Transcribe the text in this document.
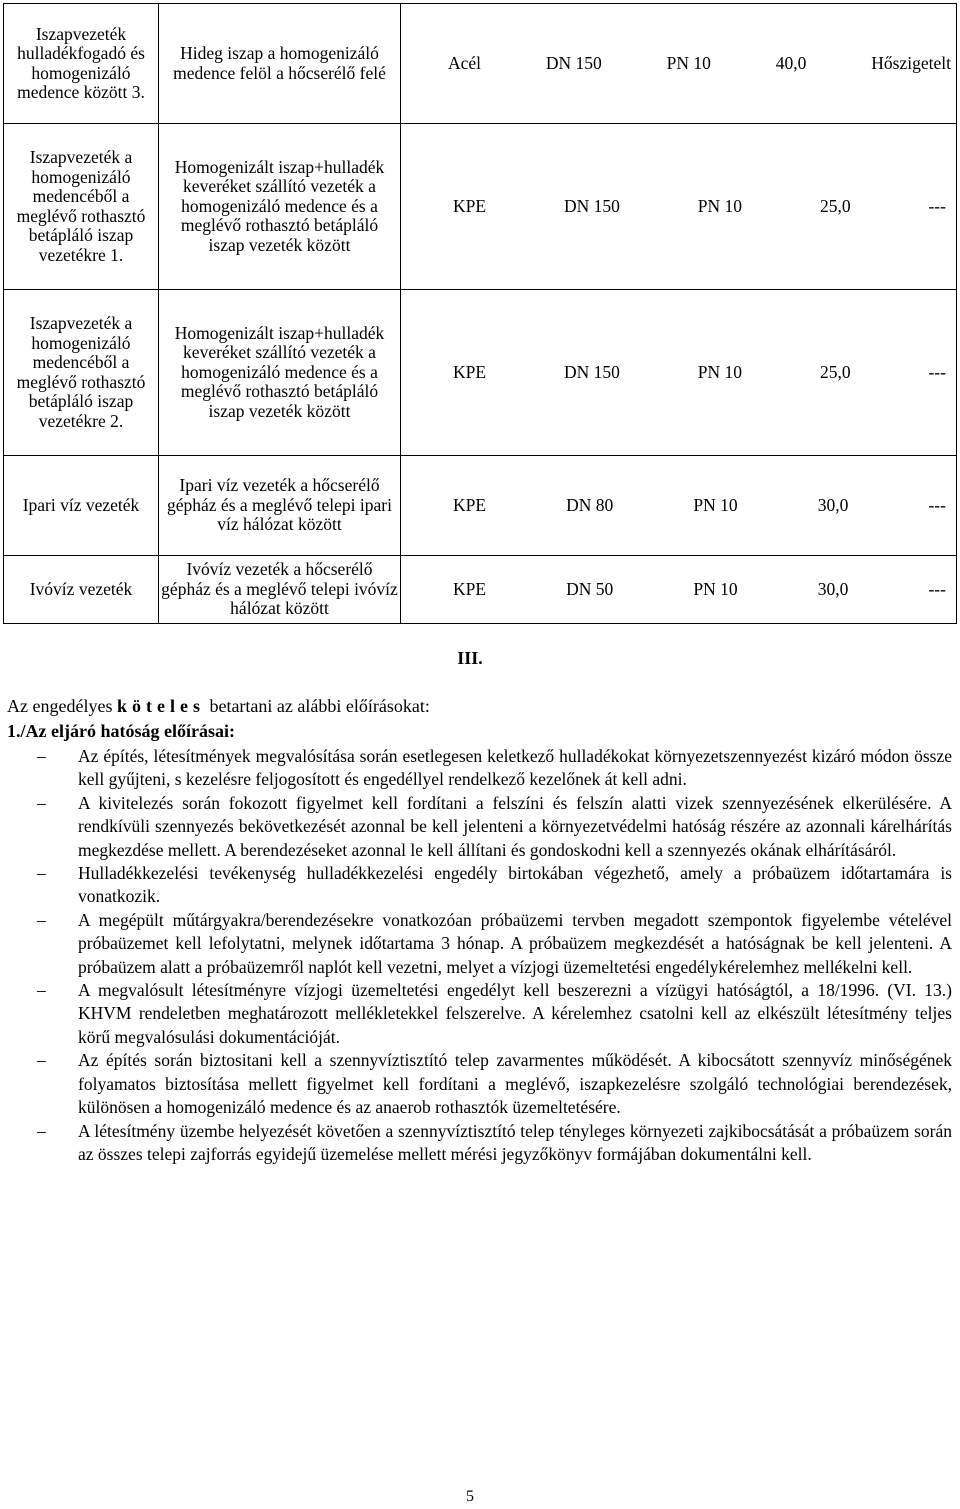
Iszapvezeték hulladékfogadó és homogenizáló medence között 3.	Hideg iszap a homogenizáló medence felöl a hőcserélő felé	Acél DN 150 PN 10 40,0 Hőszigetelt

Iszapvezeték a homogenizáló medencéből a meglévő rothasztó betápláló iszap vezetékre 1.	Homogenizált iszap+hulladék keveréket szállító vezeték a homogenizáló medence és a meglévő rothasztó betápláló iszap vezeték között	KPE DN 150 PN 10 25,0 ---

Iszapvezeték a homogenizáló medencéből a meglévő rothasztó betápláló iszap vezetékre 2.	Homogenizált iszap+hulladék keveréket szállító vezeték a homogenizáló medence és a meglévő rothasztó betápláló iszap vezeték között	KPE DN 150 PN 10 25,0 ---

Ipari víz vezeték	Ipari víz vezeték a hőcserélő gépház és a meglévő telepi ipari víz hálózat között	KPE DN 80 PN 10 30,0 ---

Ivóvíz vezeték	Ivóvíz vezeték a hőcserélő gépház és a meglévő telepi ivóvíz hálózat között	KPE DN 50 PN 10 30,0 ---
III.
Az engedélyes köteles betartani az alábbi előírásokat:
1./Az eljáró hatóság előírásai:
– Az építés, létesítmények megvalósítása során esetlegesen keletkező hulladékokat környezetszennyezést kizáró módon össze kell gyűjteni, s kezelésre feljogosított és engedéllyel rendelkező kezelőnek át kell adni.
– A kivitelezés során fokozott figyelmet kell fordítani a felszíni és felszín alatti vizek szennyezésének elkerülésére. A rendkívüli szennyezés bekövetkezését azonnal be kell jelenteni a környezetvédelmi hatóság részére az azonnali kárelhárítás megkezdése mellett. A berendezéseket azonnal le kell állítani és gondoskodni kell a szennyezés okának elhárításáról.
– Hulladékkezelési tevékenység hulladékkezelési engedély birtokában végezhető, amely a próbaüzem időtartamára is vonatkozik.
– A megépült műtárgyakra/berendezésekre vonatkozóan próbaüzemi tervben megadott szempontok figyelembe vételével próbaüzemet kell lefolytatni, melynek időtartama 3 hónap. A próbaüzem megkezdését a hatóságnak be kell jelenteni. A próbaüzem alatt a próbaüzemről naplót kell vezetni, melyet a vízjogi üzemeltetési engedélykérelemhez mellékelni kell.
– A megvalósult létesítményre vízjogi üzemeltetési engedélyt kell beszerezni a vízügyi hatóságtól, a 18/1996. (VI. 13.) KHVM rendeletben meghatározott mellékletekkel felszerelve. A kérelemhez csatolni kell az elkészült létesítmény teljes körű megvalósulási dokumentációját.
– Az építés során biztositani kell a szennyvíztisztító telep zavarmentes működését. A kibocsátott szennyvíz minőségének folyamatos biztosítása mellett figyelmet kell fordítani a meglévő, iszapkezelésre szolgáló technológiai berendezések, különösen a homogenizáló medence és az anaerob rothasztók üzemeltetésére.
– A létesítmény üzembe helyezését követően a szennyvíztisztító telep tényleges környezeti zajkibocsátását a próbaüzem során az összes telepi zajforrás egyidejű üzemelése mellett mérési jegyzőkönyv formájában dokumentálni kell.
5
